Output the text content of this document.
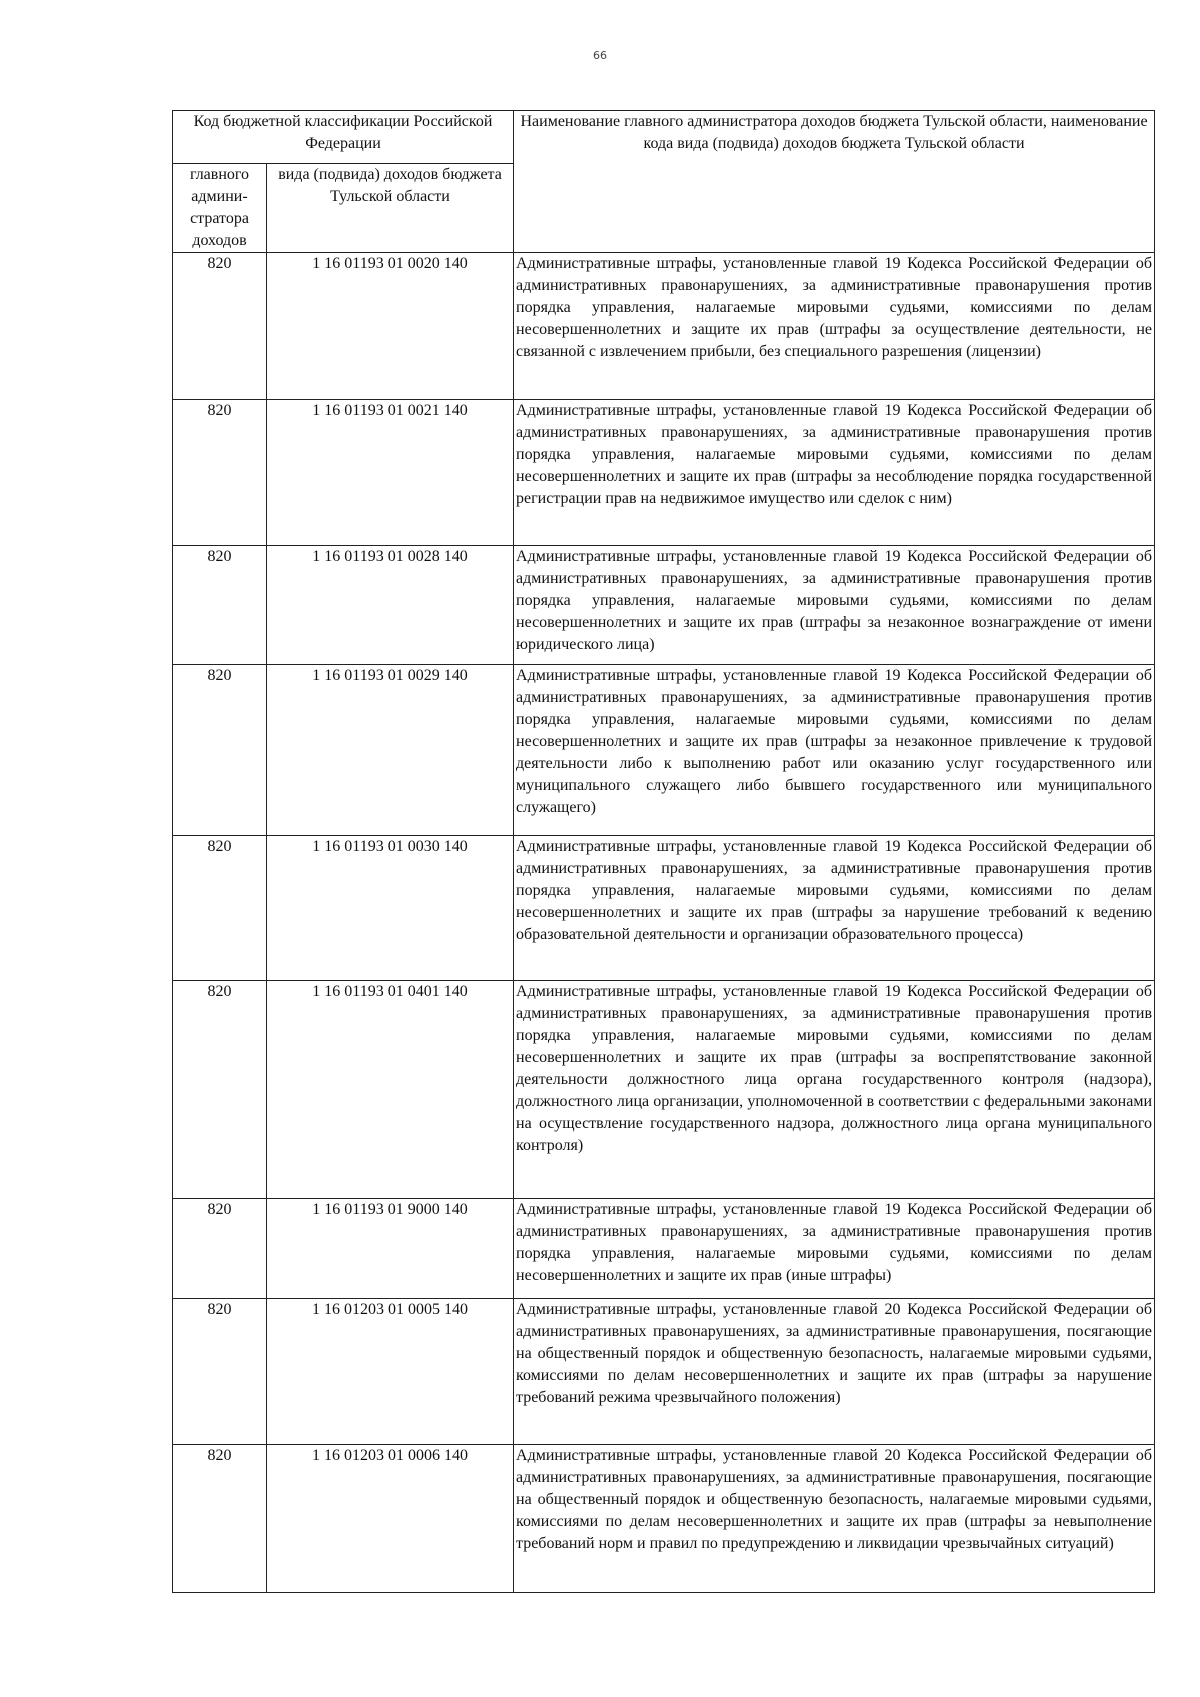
66
Код бюджетной классификации Российской Федерации		Наименование главного администратора доходов бюджета Тульской области, наименование кода вида (подвида) доходов бюджета Тульской области
главного админи-стратора доходов	вида (подвида) доходов бюджета Тульской области	
820	1 16 01193 01 0020 140	Административные штрафы, установленные главой 19 Кодекса Российской Федерации об административных правонарушениях, за административные правонарушения против порядка управления, налагаемые мировыми судьями, комиссиями по делам несовершеннолетних и защите их прав (штрафы за осуществление деятельности, не связанной с извлечением прибыли, без специального разрешения (лицензии)
820	1 16 01193 01 0021 140	Административные штрафы, установленные главой 19 Кодекса Российской Федерации об административных правонарушениях, за административные правонарушения против порядка управления, налагаемые мировыми судьями, комиссиями по делам несовершеннолетних и защите их прав (штрафы за несоблюдение порядка государственной регистрации прав на недвижимое имущество или сделок с ним)
820	1 16 01193 01 0028 140	Административные штрафы, установленные главой 19 Кодекса Российской Федерации об административных правонарушениях, за административные правонарушения против порядка управления, налагаемые мировыми судьями, комиссиями по делам несовершеннолетних и защите их прав (штрафы за незаконное вознаграждение от имени юридического лица)
820	1 16 01193 01 0029 140	Административные штрафы, установленные главой 19 Кодекса Российской Федерации об административных правонарушениях, за административные правонарушения против порядка управления, налагаемые мировыми судьями, комиссиями по делам несовершеннолетних и защите их прав (штрафы за незаконное привлечение к трудовой деятельности либо к выполнению работ или оказанию услуг государственного или муниципального служащего либо бывшего государственного или муниципального служащего)
820	1 16 01193 01 0030 140	Административные штрафы, установленные главой 19 Кодекса Российской Федерации об административных правонарушениях, за административные правонарушения против порядка управления, налагаемые мировыми судьями, комиссиями по делам несовершеннолетних и защите их прав (штрафы за нарушение требований к ведению образовательной деятельности и организации образовательного процесса)
820	1 16 01193 01 0401 140	Административные штрафы, установленные главой 19 Кодекса Российской Федерации об административных правонарушениях, за административные правонарушения против порядка управления, налагаемые мировыми судьями, комиссиями по делам несовершеннолетних и защите их прав (штрафы за воспрепятствование законной деятельности должностного лица органа государственного контроля (надзора), должностного лица организации, уполномоченной в соответствии с федеральными законами на осуществление государственного надзора, должностного лица органа муниципального контроля)
820	1 16 01193 01 9000 140	Административные штрафы, установленные главой 19 Кодекса Российской Федерации об административных правонарушениях, за административные правонарушения против порядка управления, налагаемые мировыми судьями, комиссиями по делам несовершеннолетних и защите их прав (иные штрафы)
820	1 16 01203 01 0005 140	Административные штрафы, установленные главой 20 Кодекса Российской Федерации об административных правонарушениях, за административные правонарушения, посягающие на общественный порядок и общественную безопасность, налагаемые мировыми судьями, комиссиями по делам несовершеннолетних и защите их прав (штрафы за нарушение требований режима чрезвычайного положения)
820	1 16 01203 01 0006 140	Административные штрафы, установленные главой 20 Кодекса Российской Федерации об административных правонарушениях, за административные правонарушения, посягающие на общественный порядок и общественную безопасность, налагаемые мировыми судьями, комиссиями по делам несовершеннолетних и защите их прав (штрафы за невыполнение требований норм и правил по предупреждению и ликвидации чрезвычайных ситуаций)
